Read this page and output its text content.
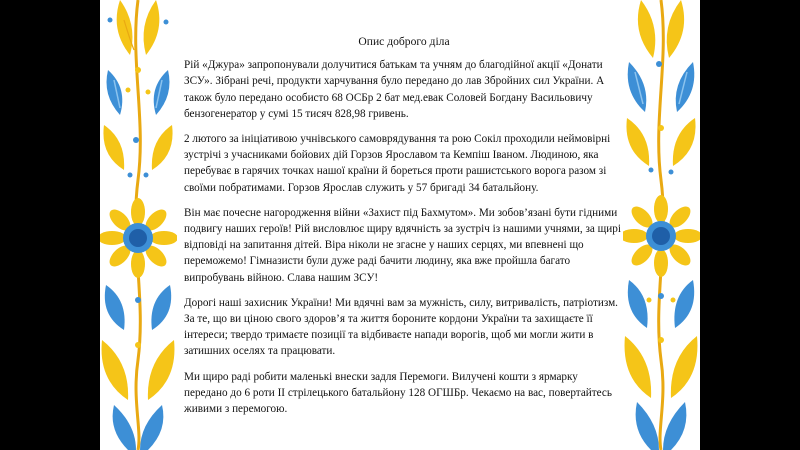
Опис доброго діла

Рій «Джура» запропонували долучитися батькам та учням до благодійної акції «Донати ЗСУ». Зібрані речі, продукти харчування було передано до лав Збройних сил України. А також було передано особисто 68 ОСБр 2 бат мед.евак Соловей Богдану Васильовичу бензогенератор у сумі 15 тисяч 828,98 гривень.

2 лютого за ініціативою учнівського самоврядування та рою Сокіл проходили неймовірні зустрічі з учасниками бойових дій Горзов Ярославом та Кемпіш Іваном. Людиною, яка перебуває в гарячих точках нашої країни й бореться проти рашистського ворога разом зі своїми побратимами. Горзов Ярослав служить у 57 бригаді 34 батальйону.

Він має почесне нагородження війни «Захист під Бахмутом». Ми зобов’язані бути гідними подвигу наших героїв! Рій висловлює щиру вдячність за зустріч із нашими учнями, за щирі відповіді на запитання дітей. Віра ніколи не згасне у наших серцях, ми впевнені що переможемо! Гімназисти були дуже раді бачити людину, яка вже пройшла багато випробувань війною. Слава нашим ЗСУ!

Дорогі наші захисник України! Ми вдячні вам за мужність, силу, витривалість, патріотизм. За те, що ви ціною свого здоров’я та життя бороните кордони України та захищаєте її інтереси; твердо тримаєте позиції та відбиваєте напади ворогів, щоб ми могли жити в затишних оселях та працювати.

Ми щиро раді робити маленькі внески задля Перемоги. Вилучені кошти з ярмарку передано до 6 роти ІІ стрілецького батальйону 128 ОГШБр. Чекаємо на вас, повертайтесь живими з перемогою.
